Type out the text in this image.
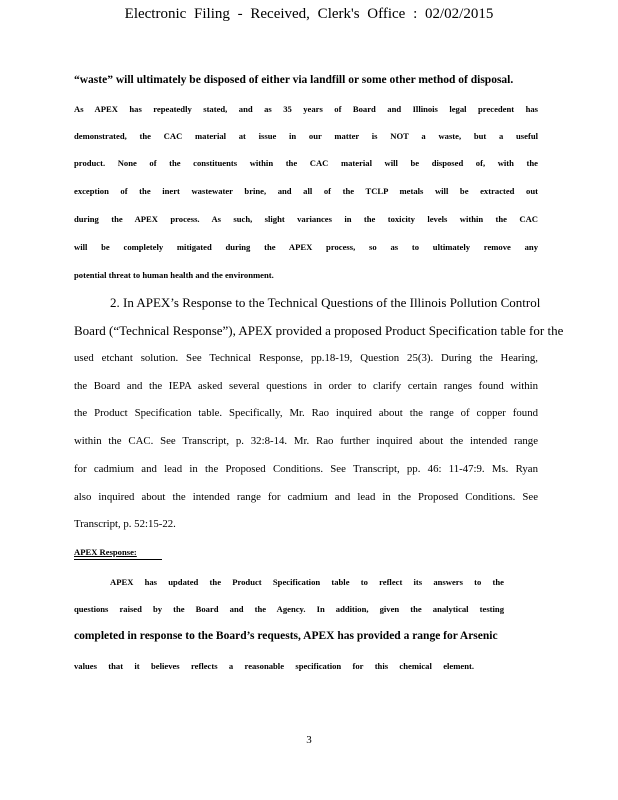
Electronic Filing - Received, Clerk's Office : 02/02/2015
“waste” will ultimately be disposed of either via landfill or some other method of disposal.
As APEX has repeatedly stated, and as 35 years of Board and Illinois legal precedent has
demonstrated, the CAC material at issue in our matter is NOT a waste, but a useful
product. None of the constituents within the CAC material will be disposed of, with the
exception of the inert wastewater brine, and all of the TCLP metals will be extracted out
during the APEX process. As such, slight variances in the toxicity levels within the CAC
will be completely mitigated during the APEX process, so as to ultimately remove any
potential threat to human health and the environment.
2. In APEX’s Response to the Technical Questions of the Illinois Pollution Control
Board (“Technical Response”), APEX provided a proposed Product Specification table for the
used etchant solution. See Technical Response, pp.18-19, Question 25(3). During the Hearing,
the Board and the IEPA asked several questions in order to clarify certain ranges found within
the Product Specification table. Specifically, Mr. Rao inquired about the range of copper found
within the CAC. See Transcript, p. 32:8-14. Mr. Rao further inquired about the intended range
for cadmium and lead in the Proposed Conditions. See Transcript, pp. 46: 11-47:9. Ms. Ryan
also inquired about the intended range for cadmium and lead in the Proposed Conditions. See
Transcript, p. 52:15-22.
APEX Response:
APEX has updated the Product Specification table to reflect its answers to the
questions raised by the Board and the Agency. In addition, given the analytical testing
completed in response to the Board’s requests, APEX has provided a range for Arsenic
values that it believes reflects a reasonable specification for this chemical element.
3
